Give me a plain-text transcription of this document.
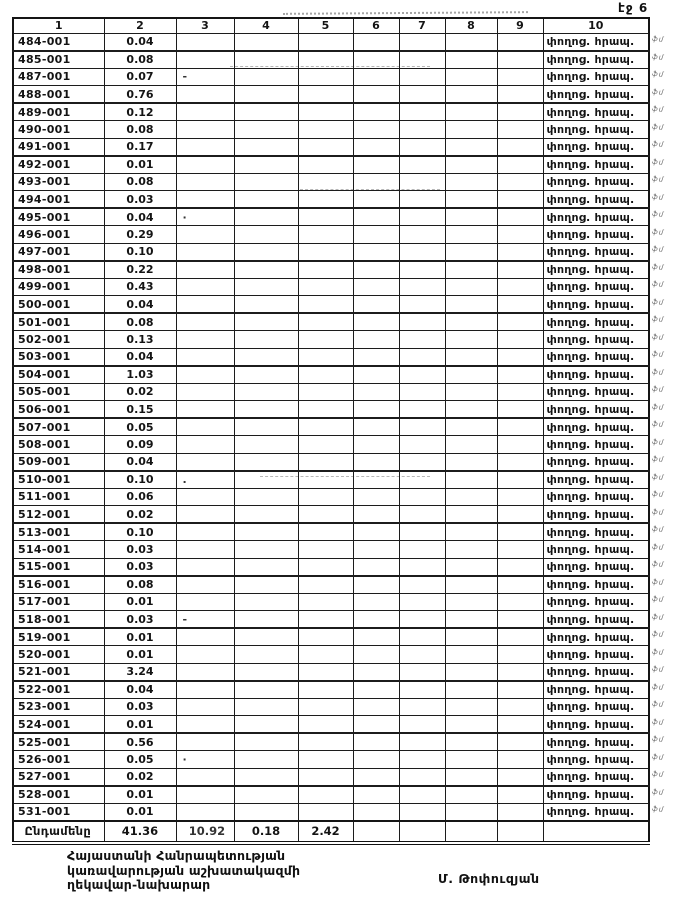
էջ 6
1	2	3	4	5	6	7	8	9	10
484-001	0.04								փողոց. հրապ.
485-001	0.08								փողոց. հրապ.
487-001	0.07	-							փողոց. հրապ.
488-001	0.76								փողոց. հրապ.
489-001	0.12								փողոց. հրապ.
490-001	0.08								փողոց. հրապ.
491-001	0.17								փողոց. հրապ.
492-001	0.01								փողոց. հրապ.
493-001	0.08								փողոց. հրապ.
494-001	0.03								փողոց. հրապ.
495-001	0.04	·							փողոց. հրապ.
496-001	0.29								փողոց. հրապ.
497-001	0.10								փողոց. հրապ.
498-001	0.22								փողոց. հրապ.
499-001	0.43								փողոց. հրապ.
500-001	0.04								փողոց. հրապ.
501-001	0.08								փողոց. հրապ.
502-001	0.13								փողոց. հրապ.
503-001	0.04								փողոց. հրապ.
504-001	1.03								փողոց. հրապ.
505-001	0.02								փողոց. հրապ.
506-001	0.15								փողոց. հրապ.
507-001	0.05								փողոց. հրապ.
508-001	0.09								փողոց. հրապ.
509-001	0.04								փողոց. հրապ.
510-001	0.10	.							փողոց. հրապ.
511-001	0.06								փողոց. հրապ.
512-001	0.02								փողոց. հրապ.
513-001	0.10								փողոց. հրապ.
514-001	0.03								փողոց. հրապ.
515-001	0.03								փողոց. հրապ.
516-001	0.08								փողոց. հրապ.
517-001	0.01								փողոց. հրապ.
518-001	0.03	-							փողոց. հրապ.
519-001	0.01								փողոց. հրապ.
520-001	0.01								փողոց. հրապ.
521-001	3.24								փողոց. հրապ.
522-001	0.04								փողոց. հրապ.
523-001	0.03								փողոց. հրապ.
524-001	0.01								փողոց. հրապ.
525-001	0.56								փողոց. հրապ.
526-001	0.05	·							փողոց. հրապ.
527-001	0.02								փողոց. հրապ.
528-001	0.01								փողոց. հրապ.
531-001	0.01								փողոց. հրապ.
Ընդամենը	41.36	10.92	0.18	2.42					
ֆմ
ֆմ
ֆմ
ֆմ
ֆմ
ֆմ
ֆմ
ֆմ
ֆմ
ֆմ
ֆմ
ֆմ
ֆմ
ֆմ
ֆմ
ֆմ
ֆմ
ֆմ
ֆմ
ֆմ
ֆմ
ֆմ
ֆմ
ֆմ
ֆմ
ֆմ
ֆմ
ֆմ
ֆմ
ֆմ
ֆմ
ֆմ
ֆմ
ֆմ
ֆմ
ֆմ
ֆմ
ֆմ
ֆմ
ֆմ
ֆմ
ֆմ
ֆմ
ֆմ
ֆմ
Հայաստանի Հանրապետության
կառավարության աշխատակազմի
ղեկավար-նախարար	Մ. Թոփուզյան
